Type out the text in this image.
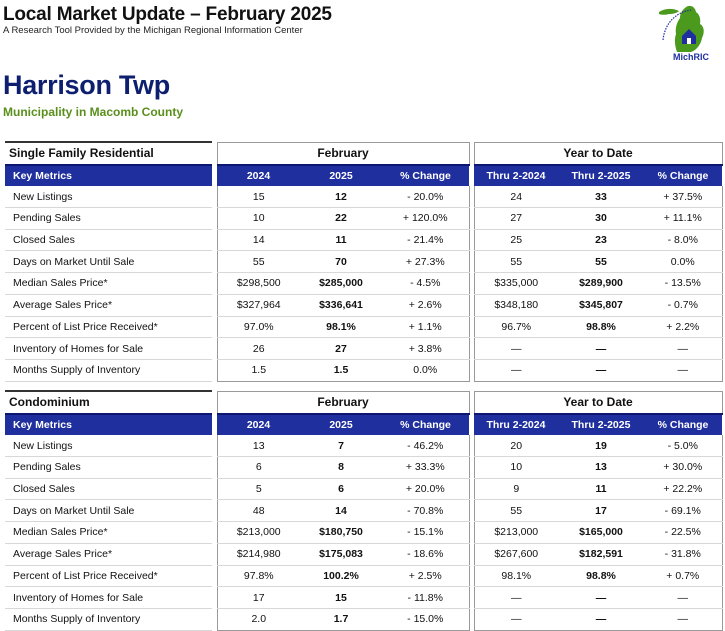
Local Market Update – February 2025
A Research Tool Provided by the Michigan Regional Information Center
MichRIC
Harrison Twp
Municipality in Macomb County
Single Family Residential		February				Year to Date		
Key Metrics		2024	2025	% Change		Thru 2-2024	Thru 2-2025	% Change
New Listings		15	12	- 20.0%		24	33	+ 37.5%
Pending Sales		10	22	+ 120.0%		27	30	+ 11.1%
Closed Sales		14	11	- 21.4%		25	23	- 8.0%
Days on Market Until Sale		55	70	+ 27.3%		55	55	0.0%
Median Sales Price*		$298,500	$285,000	- 4.5%		$335,000	$289,900	- 13.5%
Average Sales Price*		$327,964	$336,641	+ 2.6%		$348,180	$345,807	- 0.7%
Percent of List Price Received*		97.0%	98.1%	+ 1.1%		96.7%	98.8%	+ 2.2%
Inventory of Homes for Sale		26	27	+ 3.8%		—	—	—
Months Supply of Inventory		1.5	1.5	0.0%		—	—	—
Condominium		February				Year to Date		
Key Metrics		2024	2025	% Change		Thru 2-2024	Thru 2-2025	% Change
New Listings		13	7	- 46.2%		20	19	- 5.0%
Pending Sales		6	8	+ 33.3%		10	13	+ 30.0%
Closed Sales		5	6	+ 20.0%		9	11	+ 22.2%
Days on Market Until Sale		48	14	- 70.8%		55	17	- 69.1%
Median Sales Price*		$213,000	$180,750	- 15.1%		$213,000	$165,000	- 22.5%
Average Sales Price*		$214,980	$175,083	- 18.6%		$267,600	$182,591	- 31.8%
Percent of List Price Received*		97.8%	100.2%	+ 2.5%		98.1%	98.8%	+ 0.7%
Inventory of Homes for Sale		17	15	- 11.8%		—	—	—
Months Supply of Inventory		2.0	1.7	- 15.0%		—	—	—
